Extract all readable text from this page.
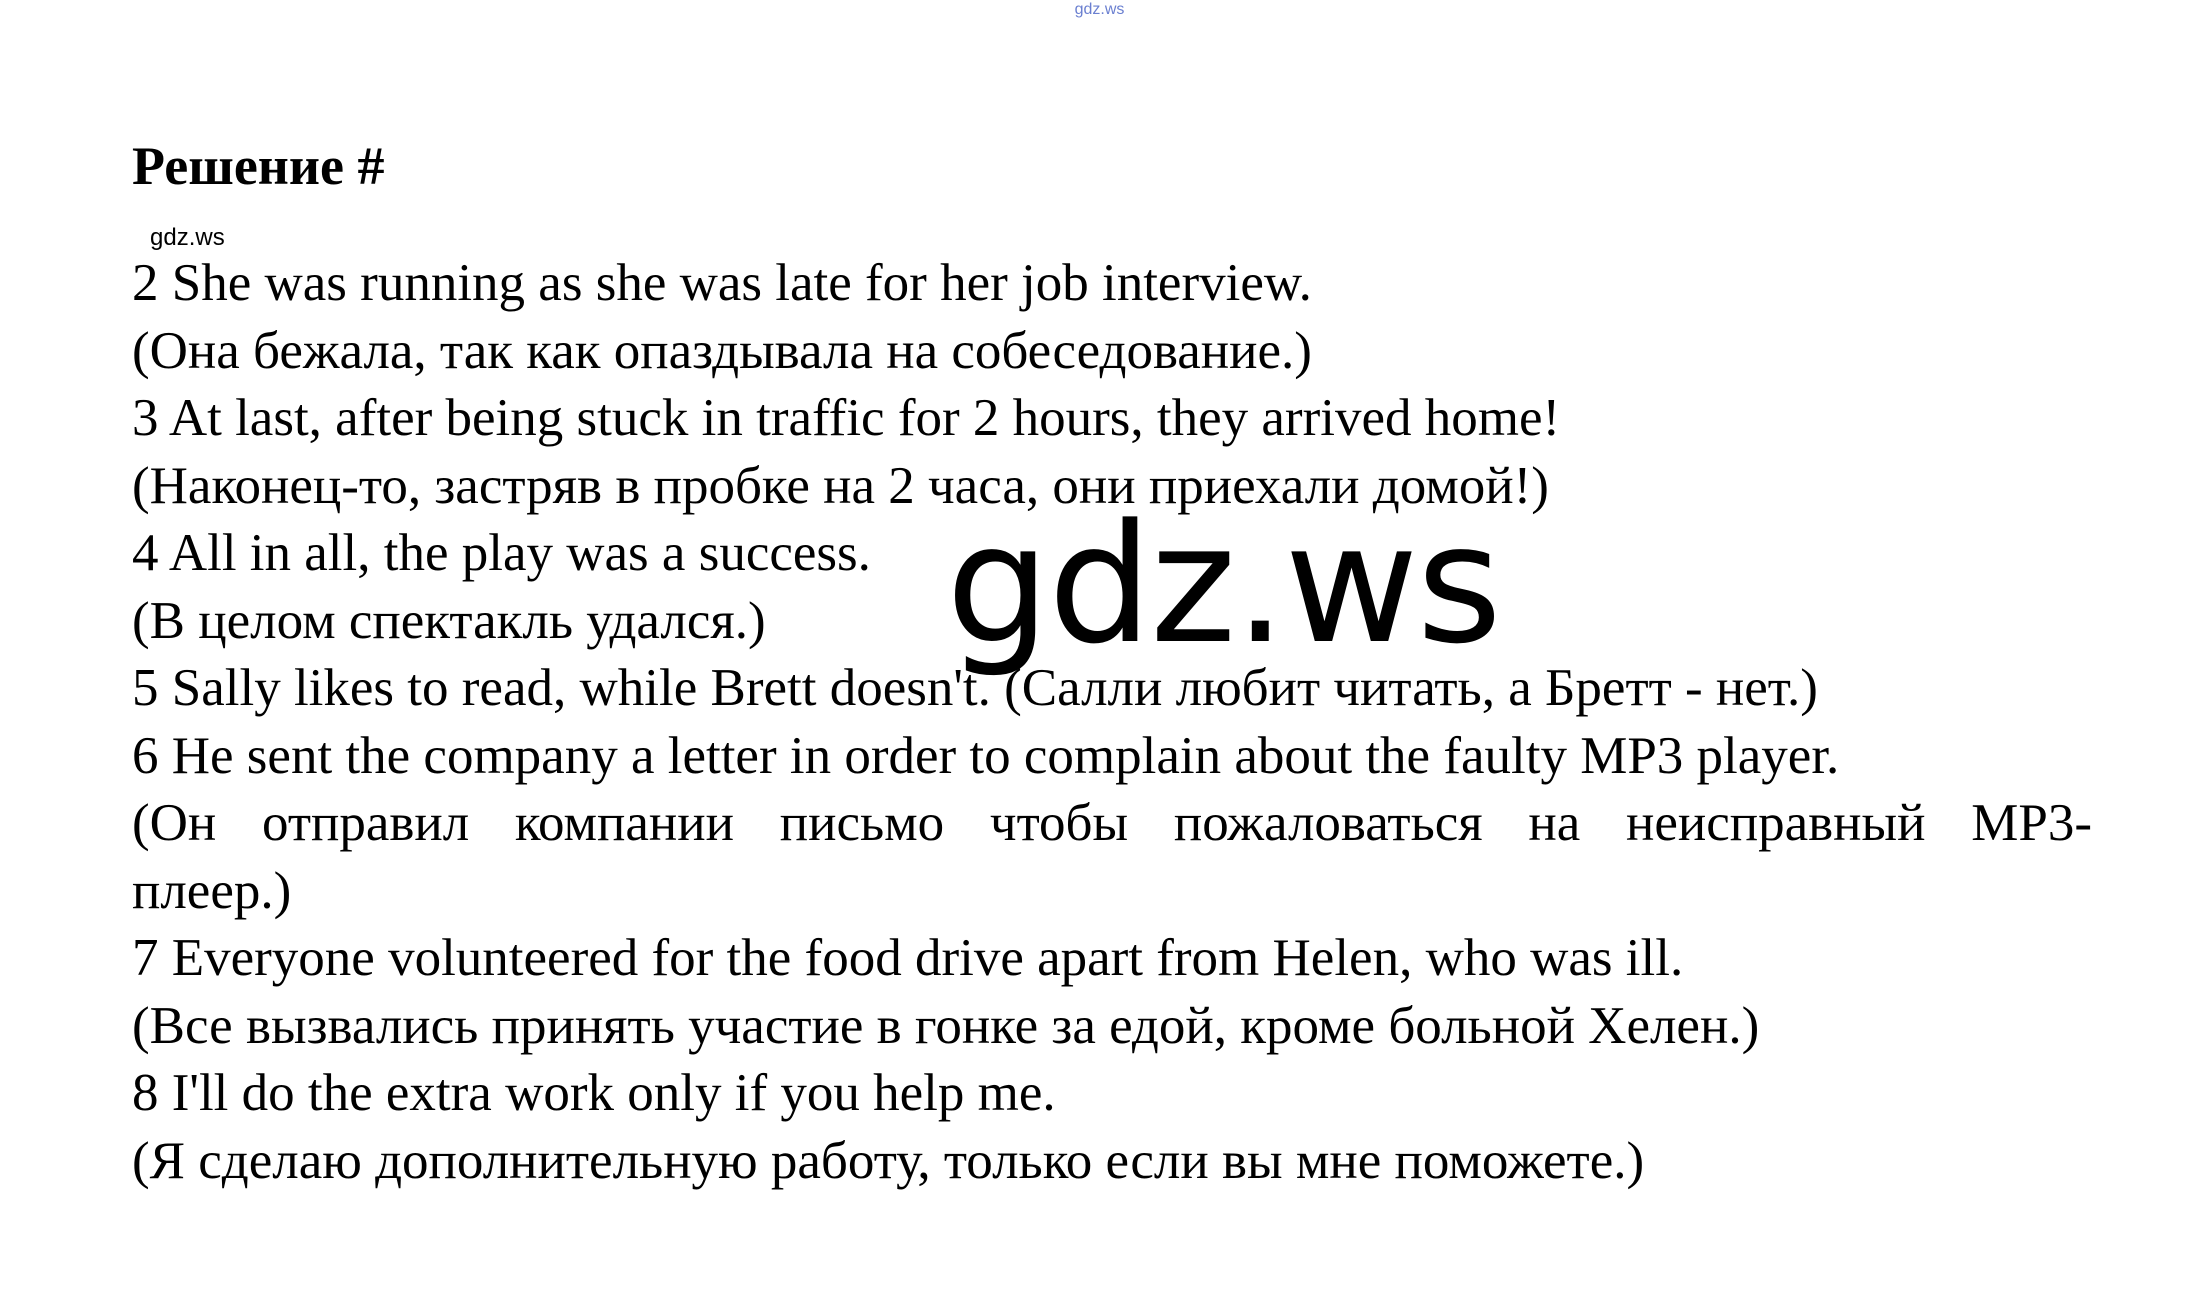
gdz.ws
Решение #
gdz.ws
2 She was running as she was late for her job interview.
(Она бежала, так как опаздывала на собеседование.)
3 At last, after being stuck in traffic for 2 hours, they arrived home!
(Наконец-то, застряв в пробке на 2 часа, они приехали домой!)
4 All in all, the play was a success.
(В целом спектакль удался.)
5 Sally likes to read, while Brett doesn't. (Салли любит читать, а Бретт - нет.)
6 He sent the company a letter in order to complain about the faulty MP3 player.
(Он отправил компании письмо чтобы пожаловаться на неисправный MP3-
плеер.)
7 Everyone volunteered for the food drive apart from Helen, who was ill.
(Все вызвались принять участие в гонке за едой, кроме больной Хелен.)
8 I'll do the extra work only if you help me.
(Я сделаю дополнительную работу, только если вы мне поможете.)
gdz.ws
